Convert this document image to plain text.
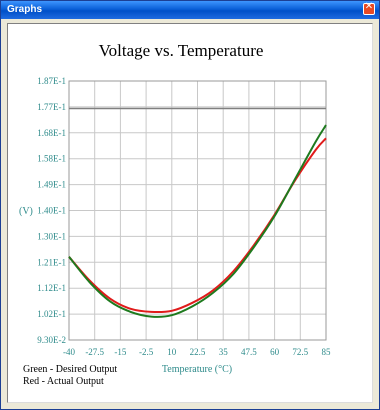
Graphs	✕
Voltage vs. Temperature
-40 -27.5 -15 -2.5 10 22.5 35 47.5 60 72.5 85
9.30E-2
1.02E-1
1.12E-1
1.21E-1
1.30E-1
1.40E-1
1.49E-1
1.58E-1
1.68E-1
1.77E-1
1.87E-1
(V)
Temperature (°C)
Green - Desired Output
Red - Actual Output
